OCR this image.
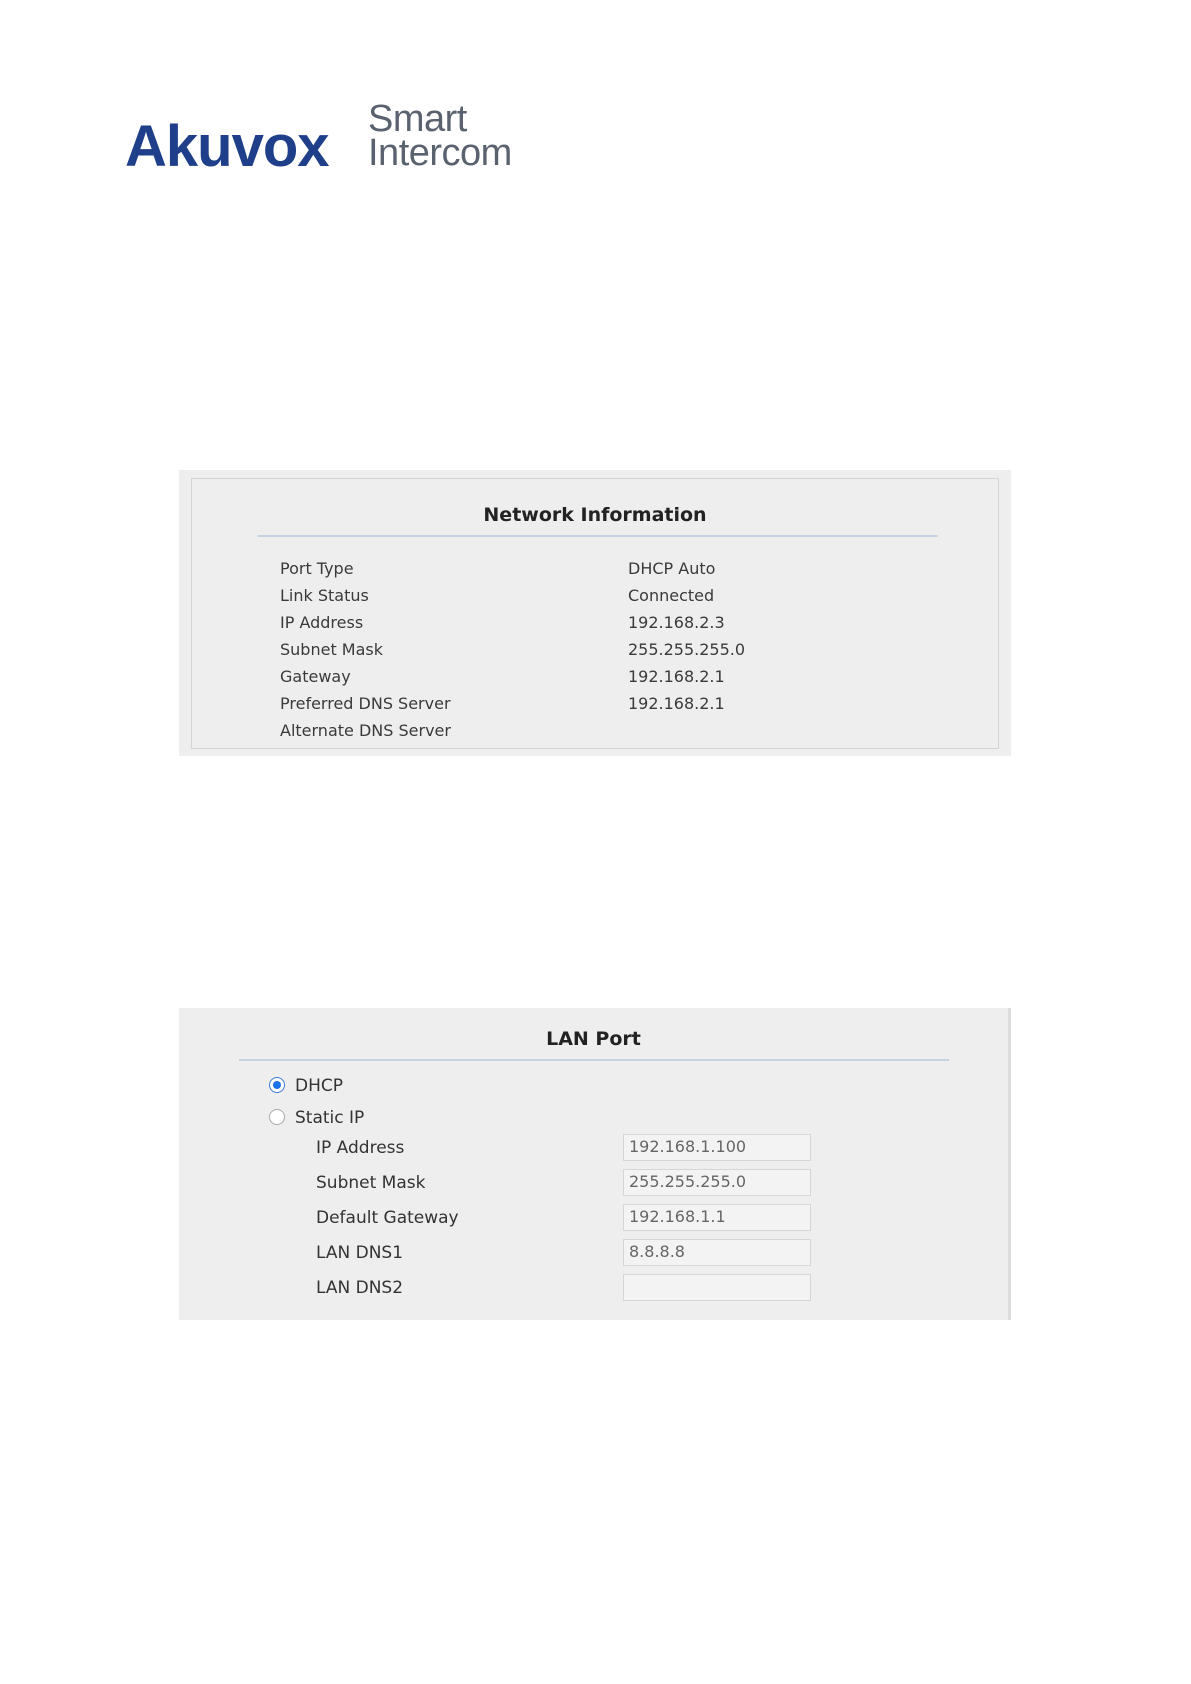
Akuvox Smart
Intercom
Network Information
Port Type	DHCP Auto
Link Status	Connected
IP Address	192.168.2.3
Subnet Mask	255.255.255.0
Gateway	192.168.2.1
Preferred DNS Server	192.168.2.1
Alternate DNS Server
LAN Port
DHCP
Static IP
IP Address	192.168.1.100
Subnet Mask	255.255.255.0
Default Gateway	192.168.1.1
LAN DNS1	8.8.8.8
LAN DNS2
